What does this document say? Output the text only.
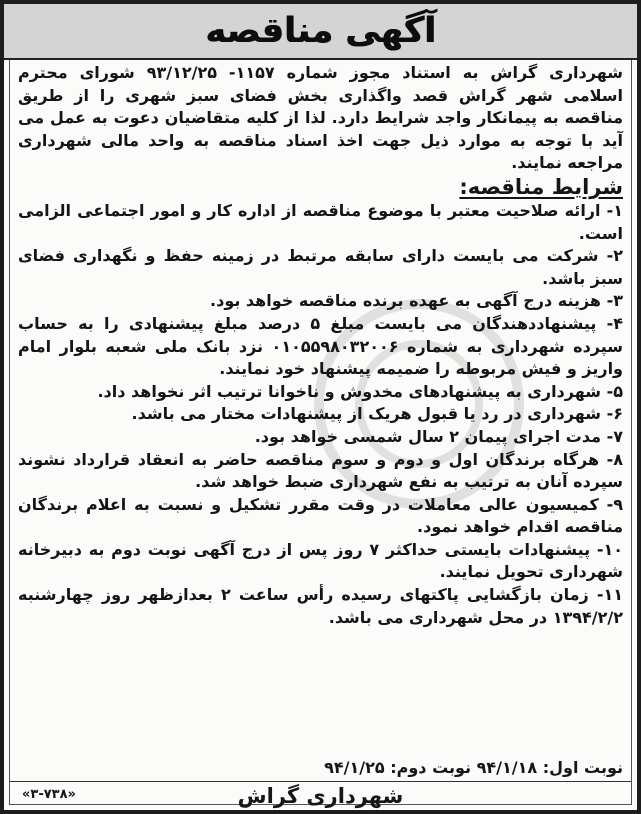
آگهی مناقصه

شهرداری گراش به استناد مجوز شماره ۱۱۵۷- ۹۳/۱۲/۲۵ شورای محترم اسلامی شهر گراش قصد واگذاری بخش فضای سبز شهری را از طریق مناقصه به پیمانکار واجد شرایط دارد. لذا از کلیه متقاضیان دعوت به عمل می آید با توجه به موارد ذیل جهت اخذ اسناد مناقصه به واحد مالی شهرداری مراجعه نمایند.

شرایط مناقصه:

۱- ارائه صلاحیت معتبر با موضوع مناقصه از اداره کار و امور اجتماعی الزامی است.

۲- شرکت می بایست دارای سابقه مرتبط در زمینه حفظ و نگهداری فضای سبز باشد.

۳- هزینه درج آگهی به عهده برنده مناقصه خواهد بود.

۴- پیشنهاددهندگان می بایست مبلغ ۵ درصد مبلغ پیشنهادی را به حساب سپرده شهرداری به شماره ۰۱۰۵۵۹۸۰۳۲۰۰۶ نزد بانک ملی شعبه بلوار امام واریز و فیش مربوطه را ضمیمه پیشنهاد خود نمایند.

۵- شهرداری به پیشنهادهای مخدوش و ناخوانا ترتیب اثر نخواهد داد.

۶- شهرداری در رد یا قبول هریک از پیشنهادات مختار می باشد.

۷- مدت اجرای پیمان ۲ سال شمسی خواهد بود.

۸- هرگاه برندگان اول و دوم و سوم مناقصه حاضر به انعقاد قرارداد نشوند سپرده آنان به ترتیب به نفع شهرداری ضبط خواهد شد.

۹- کمیسیون عالی معاملات در وقت مقرر تشکیل و نسبت به اعلام برندگان مناقصه اقدام خواهد نمود.

۱۰- پیشنهادات بایستی حداکثر ۷ روز پس از درج آگهی نوبت دوم به دبیرخانه شهرداری تحویل نمایند.

۱۱- زمان بازگشایی پاکتهای رسیده رأس ساعت ۲ بعدازظهر روز چهارشنبه ۱۳۹۴/۲/۲ در محل شهرداری می باشد.

نوبت اول: ۹۴/۱/۱۸ نوبت دوم: ۹۴/۱/۲۵
شهرداری گراش
«۳-۷۳۸»
